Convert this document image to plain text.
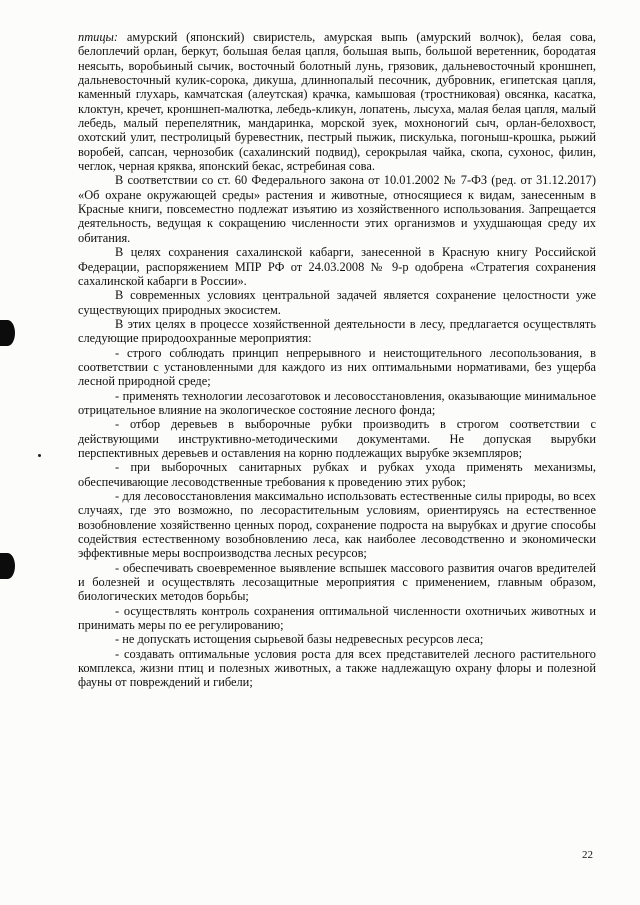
птицы: амурский (японский) свиристель, амурская выпь (амурский волчок), белая сова, белоплечий орлан, беркут, большая белая цапля, большая выпь, большой веретенник, бородатая неясыть, воробьиный сычик, восточный болотный лунь, грязовик, дальневосточный кроншнеп, дальневосточный кулик-сорока, дикуша, длиннопалый песочник, дубровник, египетская цапля, каменный глухарь, камчатская (алеутская) крачка, камышовая (тростниковая) овсянка, касатка, клоктун, кречет, кроншнеп-малютка, лебедь-кликун, лопатень, лысуха, малая белая цапля, малый лебедь, малый перепелятник, мандаринка, морской зуек, мохноногий сыч, орлан-белохвост, охотский улит, пестролицый буревестник, пестрый пыжик, пискулька, погоныш-крошка, рыжий воробей, сапсан, чернозобик (сахалинский подвид), серокрылая чайка, скопа, сухонос, филин, чеглок, черная кряква, японский бекас, ястребиная сова.

В соответствии со ст. 60 Федерального закона от 10.01.2002 № 7-ФЗ (ред. от 31.12.2017) «Об охране окружающей среды» растения и животные, относящиеся к видам, занесенным в Красные книги, повсеместно подлежат изъятию из хозяйственного использования. Запрещается деятельность, ведущая к сокращению численности этих организмов и ухудшающая среду их обитания.

В целях сохранения сахалинской кабарги, занесенной в Красную книгу Российской Федерации, распоряжением МПР РФ от 24.03.2008 № 9-р одобрена «Стратегия сохранения сахалинской кабарги в России».

В современных условиях центральной задачей является сохранение целостности уже существующих природных экосистем.

В этих целях в процессе хозяйственной деятельности в лесу, предлагается осуществлять следующие природоохранные мероприятия:

- строго соблюдать принцип непрерывного и неистощительного лесопользования, в соответствии с установленными для каждого из них оптимальными нормативами, без ущерба лесной природной среде;

- применять технологии лесозаготовок и лесовосстановления, оказывающие минимальное отрицательное влияние на экологическое состояние лесного фонда;

- отбор деревьев в выборочные рубки производить в строгом соответствии с действующими инструктивно-методическими документами. Не допуская вырубки перспективных деревьев и оставления на корню подлежащих вырубке экземпляров;

- при выборочных санитарных рубках и рубках ухода применять механизмы, обеспечивающие лесоводственные требования к проведению этих рубок;

- для лесовосстановления максимально использовать естественные силы природы, во всех случаях, где это возможно, по лесорастительным условиям, ориентируясь на естественное возобновление хозяйственно ценных пород, сохранение подроста на вырубках и другие способы содействия естественному возобновлению леса, как наиболее лесоводственно и экономически эффективные меры воспроизводства лесных ресурсов;

- обеспечивать своевременное выявление вспышек массового развития очагов вредителей и болезней и осуществлять лесозащитные мероприятия с применением, главным образом, биологических методов борьбы;

- осуществлять контроль сохранения оптимальной численности охотничьих животных и принимать меры по ее регулированию;

- не допускать истощения сырьевой базы недревесных ресурсов леса;

- создавать оптимальные условия роста для всех представителей лесного растительного комплекса, жизни птиц и полезных животных, а также надлежащую охрану флоры и полезной фауны от повреждений и гибели;

22
